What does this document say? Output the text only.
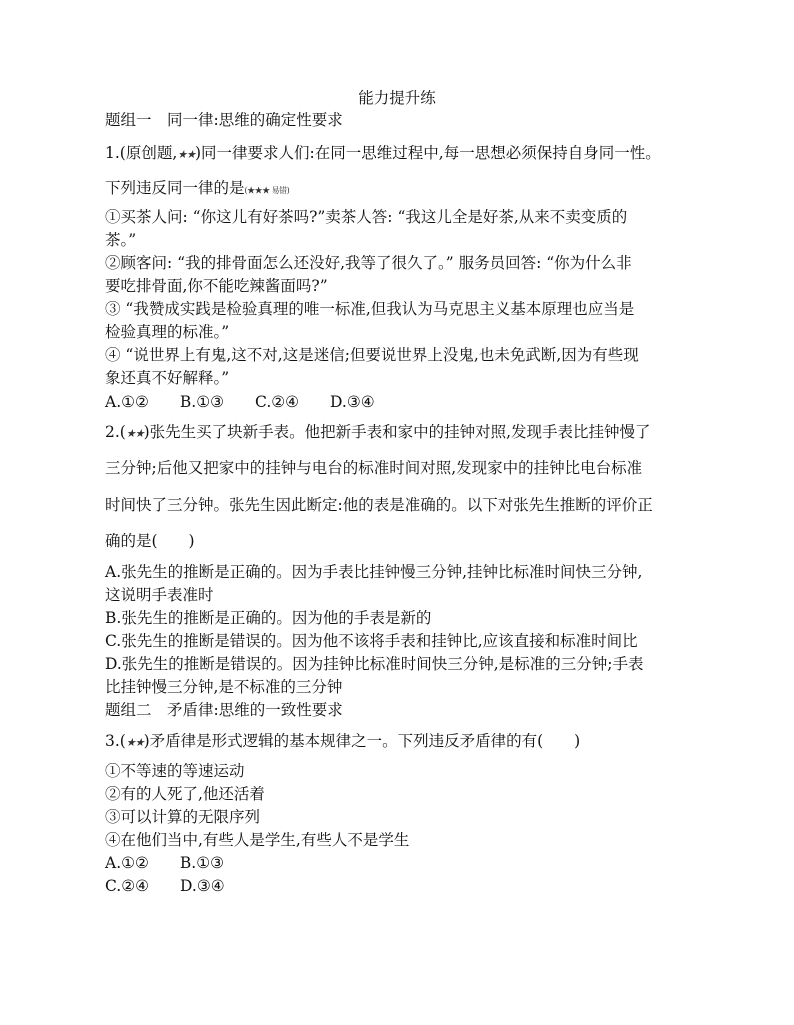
能力提升练
题组一　同一律:思维的确定性要求
1.(原创题,★★)同一律要求人们:在同一思维过程中,每一思想必须保持自身同一性。
下列违反同一律的是(★★★ 易错)
①买茶人问: “你这儿有好茶吗?”卖茶人答: “我这儿全是好茶,从来不卖变质的
茶。”
②顾客问: “我的排骨面怎么还没好,我等了很久了。” 服务员回答: “你为什么非
要吃排骨面,你不能吃辣酱面吗?”
③ “我赞成实践是检验真理的唯一标准,但我认为马克思主义基本原理也应当是
检验真理的标准。”
④ “说世界上有鬼,这不对,这是迷信;但要说世界上没鬼,也未免武断,因为有些现
象还真不好解释。”
A.①②　　B.①③　　C.②④　　D.③④
2.(★★)张先生买了块新手表。他把新手表和家中的挂钟对照,发现手表比挂钟慢了
三分钟;后他又把家中的挂钟与电台的标准时间对照,发现家中的挂钟比电台标准
时间快了三分钟。张先生因此断定:他的表是准确的。以下对张先生推断的评价正
确的是(　　)
A.张先生的推断是正确的。因为手表比挂钟慢三分钟,挂钟比标准时间快三分钟,
这说明手表准时
B.张先生的推断是正确的。因为他的手表是新的
C.张先生的推断是错误的。因为他不该将手表和挂钟比,应该直接和标准时间比
D.张先生的推断是错误的。因为挂钟比标准时间快三分钟,是标准的三分钟;手表
比挂钟慢三分钟,是不标准的三分钟
题组二　矛盾律:思维的一致性要求
3.(★★)矛盾律是形式逻辑的基本规律之一。下列违反矛盾律的有(　　)
①不等速的等速运动
②有的人死了,他还活着
③可以计算的无限序列
④在他们当中,有些人是学生,有些人不是学生
A.①②　　B.①③
C.②④　　D.③④
